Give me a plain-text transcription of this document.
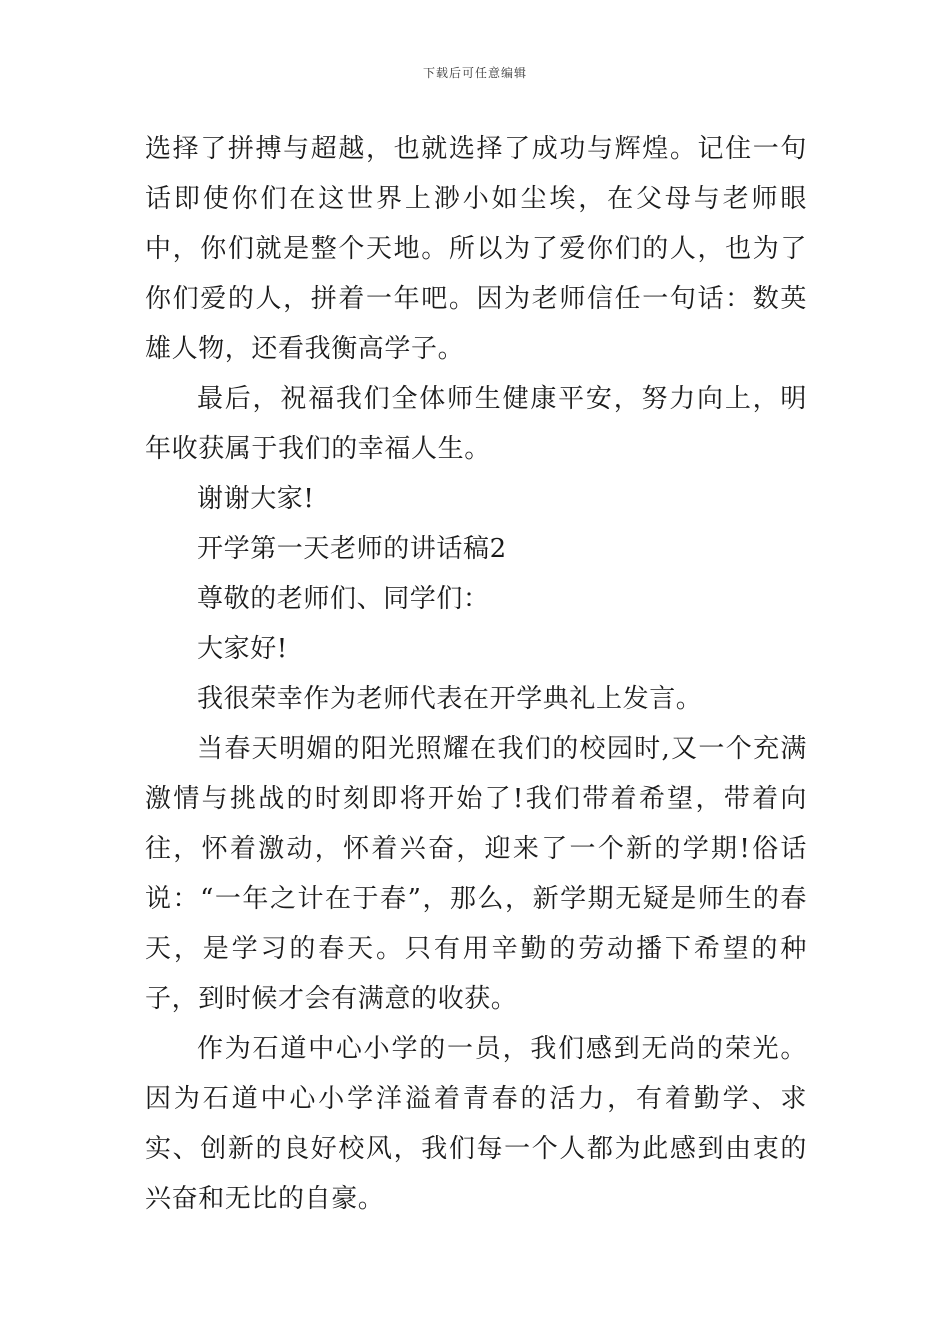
下载后可任意编辑

选择了拼搏与超越，也就选择了成功与辉煌。记住一句话即使你们在这世界上渺小如尘埃，在父母与老师眼中，你们就是整个天地。所以为了爱你们的人，也为了你们爱的人，拼着一年吧。因为老师信任一句话：数英雄人物，还看我衡高学子。

最后，祝福我们全体师生健康平安，努力向上，明年收获属于我们的幸福人生。

谢谢大家!

开学第一天老师的讲话稿2

尊敬的老师们、同学们：

大家好!

我很荣幸作为老师代表在开学典礼上发言。

当春天明媚的阳光照耀在我们的校园时,又一个充满激情与挑战的时刻即将开始了!我们带着希望，带着向往，怀着激动，怀着兴奋，迎来了一个新的学期!俗话说：“一年之计在于春”，那么，新学期无疑是师生的春天，是学习的春天。只有用辛勤的劳动播下希望的种子，到时候才会有满意的收获。

作为石道中心小学的一员，我们感到无尚的荣光。因为石道中心小学洋溢着青春的活力，有着勤学、求实、创新的良好校风，我们每一个人都为此感到由衷的兴奋和无比的自豪。
